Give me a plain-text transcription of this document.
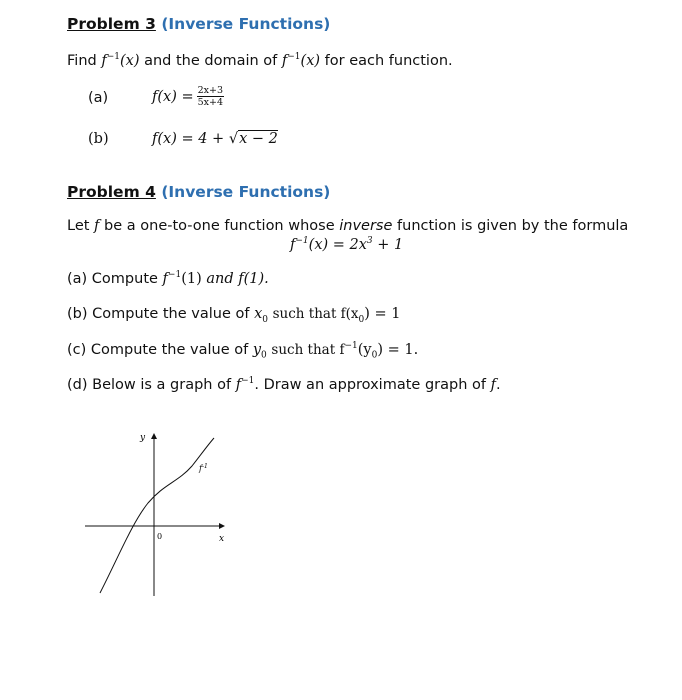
Problem 3 (Inverse Functions)
Find $f^{-1}(x)$ and the domain of $f^{-1}(x)$ for each function.
(a)	$f(x) = \frac{2x+3}{5x+4}$
(b)	f(x) = 4 + √x − 2
Problem 4 (Inverse Functions)
Let f be a one-to-one function whose inverse function is given by the formula
$f^{-1}(x) = 2x^3 + 1$
(a) Compute $f^{-1}(1)$ and f(1).
(b) Compute the value of $x_0$ such that $f(x_0) = 1$
(c) Compute the value of $y_0$ such that $f^{-1}(y_0) = 1$.
(d) Below is a graph of $f^{-1}$. Draw an approximate graph of f.
y
x
0
$f^{-1}$
